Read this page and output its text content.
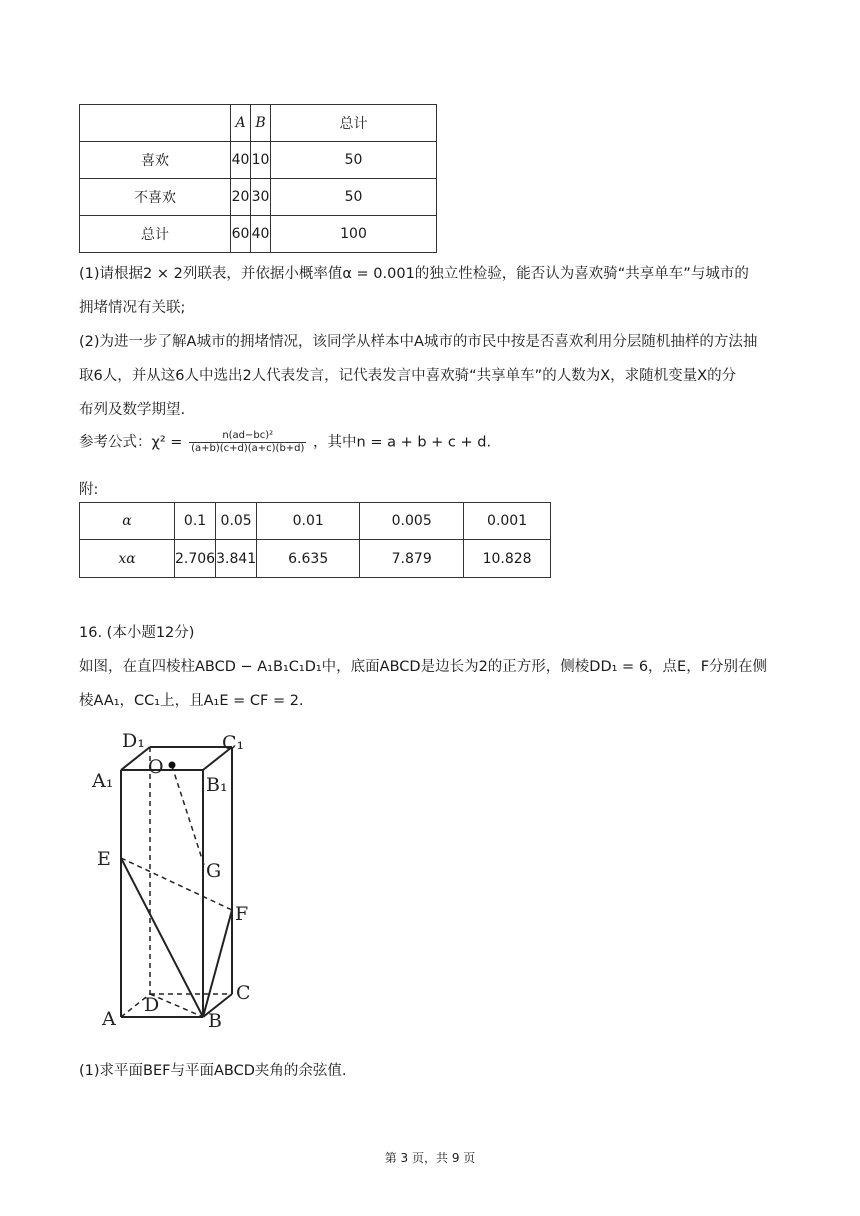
	A	B	总计
喜欢	40	10	50
不喜欢	20	30	50
总计	60	40	100
(1)请根据2 × 2列联表，并依据小概率值α = 0.001的独立性检验，能否认为喜欢骑“共享单车”与城市的
拥堵情况有关联;
(2)为进一步了解A城市的拥堵情况，该同学从样本中A城市的市民中按是否喜欢利用分层随机抽样的方法抽
取6人，并从这6人中选出2人代表发言，记代表发言中喜欢骑“共享单车”的人数为X，求随机变量X的分
布列及数学期望.
参考公式：$\chi^2 = \frac{\text{n(ad−bc)²}}{(a+b)(c+d)(a+c)(b+d)}$ ，其中n = a + b + c + d.
附:
α	0.1	0.05	0.01	0.005	0.001
xα	2.706	3.841	6.635	7.879	10.828
16. (本小题12分)
如图，在直四棱柱ABCD − A₁B₁C₁D₁中，底面ABCD是边长为2的正方形，侧棱DD₁ = 6，点E，F分别在侧
棱AA₁，CC₁上，且A₁E = CF = 2.
D₁	C₁
A₁
O
B₁
E
G
F
C
D
A	B
(1)求平面BEF与平面ABCD夹角的余弦值.
第 3 页，共 9 页
